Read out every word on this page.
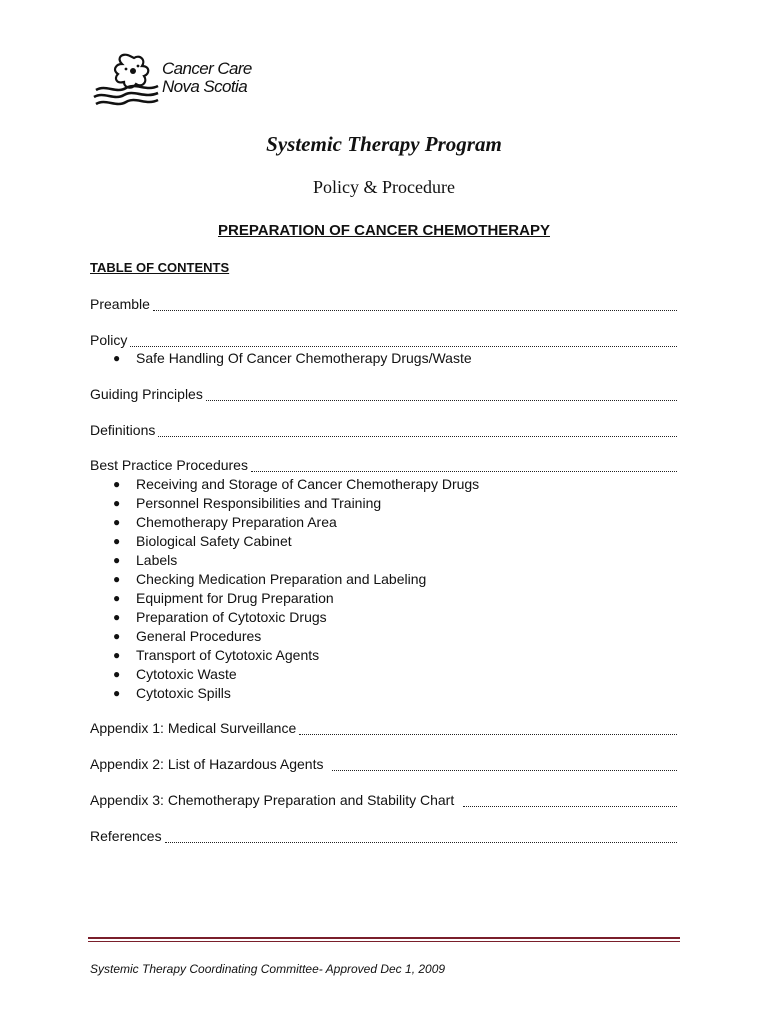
Cancer Care
Nova Scotia
Systemic Therapy Program
Policy & Procedure
PREPARATION OF CANCER CHEMOTHERAPY
TABLE OF CONTENTS
Preamble
Policy
● Safe Handling Of Cancer Chemotherapy Drugs/Waste
Guiding Principles
Definitions
Best Practice Procedures
● Receiving and Storage of Cancer Chemotherapy Drugs
● Personnel Responsibilities and Training
● Chemotherapy Preparation Area
● Biological Safety Cabinet
● Labels
● Checking Medication Preparation and Labeling
● Equipment for Drug Preparation
● Preparation of Cytotoxic Drugs
● General Procedures
● Transport of Cytotoxic Agents
● Cytotoxic Waste
● Cytotoxic Spills
Appendix 1: Medical Surveillance
Appendix 2: List of Hazardous Agents
Appendix 3: Chemotherapy Preparation and Stability Chart
References
Systemic Therapy Coordinating Committee- Approved Dec 1, 2009
